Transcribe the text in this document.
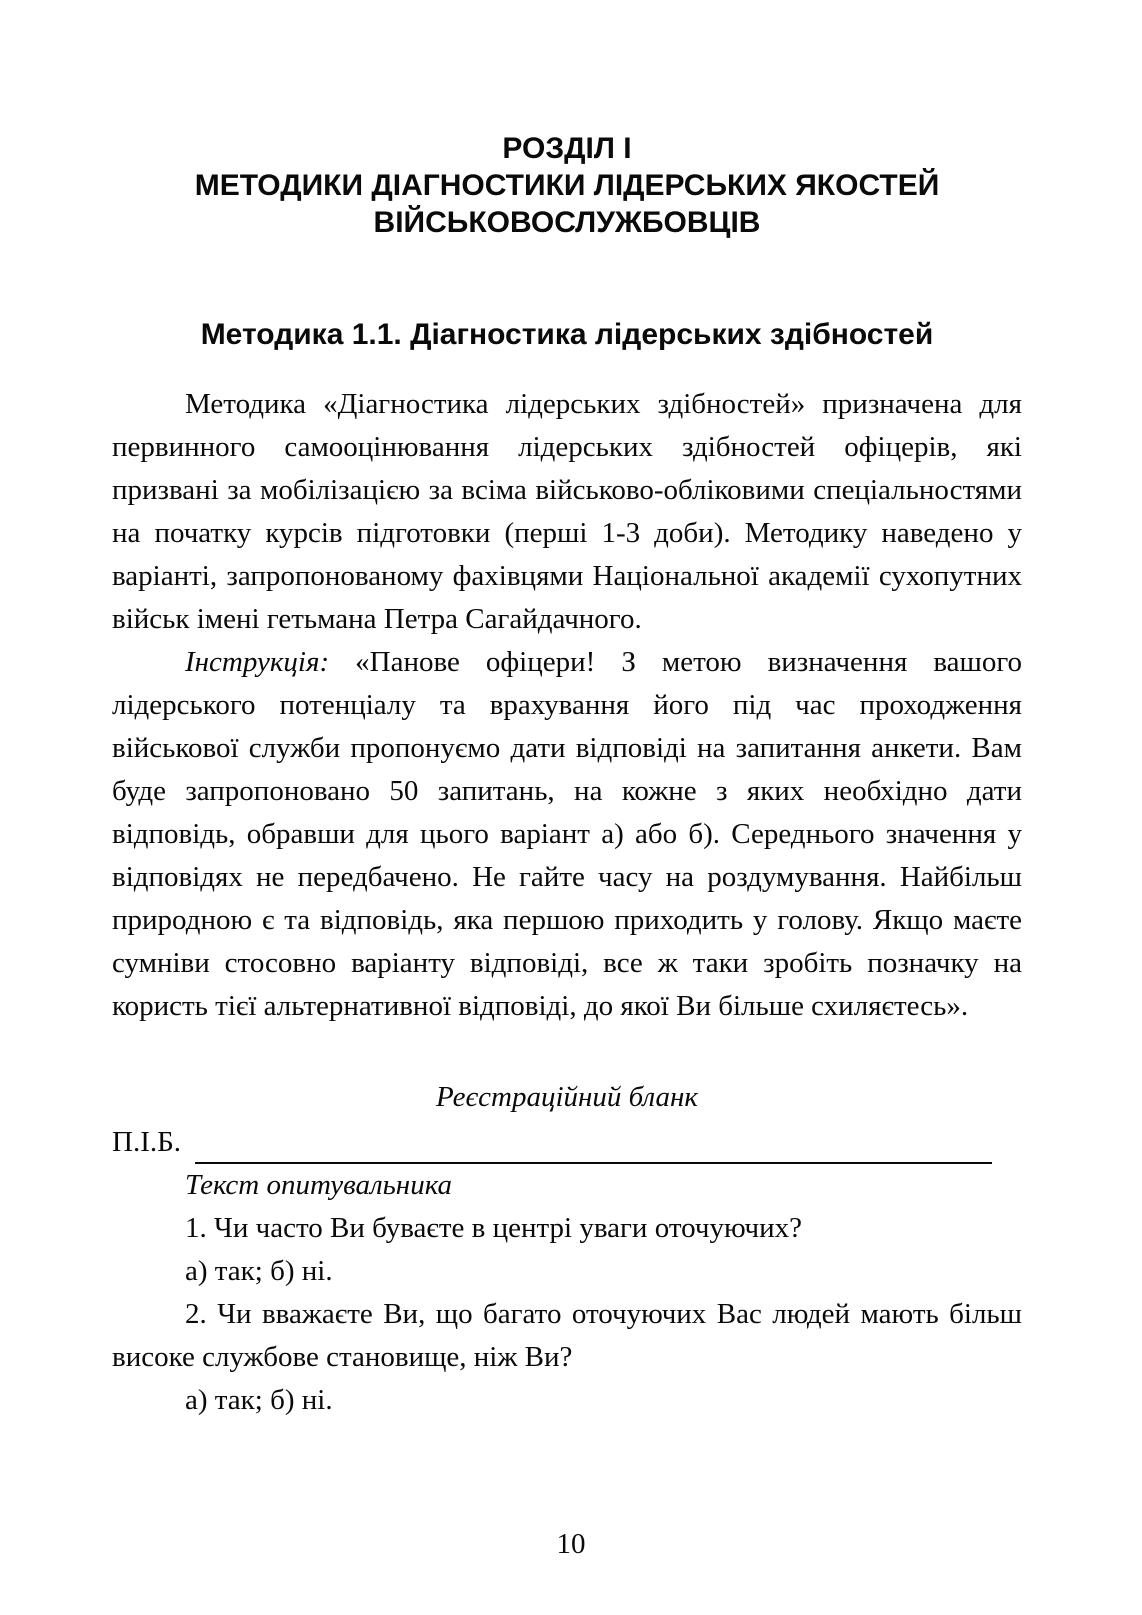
РОЗДІЛ І
МЕТОДИКИ ДІАГНОСТИКИ ЛІДЕРСЬКИХ ЯКОСТЕЙ
ВІЙСЬКОВОСЛУЖБОВЦІВ
Методика 1.1. Діагностика лідерських здібностей

Методика «Діагностика лідерських здібностей» призначена для первинного самооцінювання лідерських здібностей офіцерів, які призвані за мобілізацією за всіма військово-обліковими спеціальностями на початку курсів підготовки (перші 1-3 доби). Методику наведено у варіанті, запропонованому фахівцями Національної академії сухопутних військ імені гетьмана Петра Сагайдачного.

Інструкція: «Панове офіцери! З метою визначення вашого лідерського потенціалу та врахування його під час проходження військової служби пропонуємо дати відповіді на запитання анкети. Вам буде запропоновано 50 запитань, на кожне з яких необхідно дати відповідь, обравши для цього варіант а) або б). Середнього значення у відповідях не передбачено. Не гайте часу на роздумування. Найбільш природною є та відповідь, яка першою приходить у голову. Якщо маєте сумніви стосовно варіанту відповіді, все ж таки зробіть позначку на користь тієї альтернативної відповіді, до якої Ви більше схиляєтесь».

Реєстраційний бланк
П.І.Б.
Текст опитувальника

1. Чи часто Ви буваєте в центрі уваги оточуючих?

а) так; б) ні.

2. Чи вважаєте Ви, що багато оточуючих Вас людей мають більш високе службове становище, ніж Ви?

а) так; б) ні.

10
